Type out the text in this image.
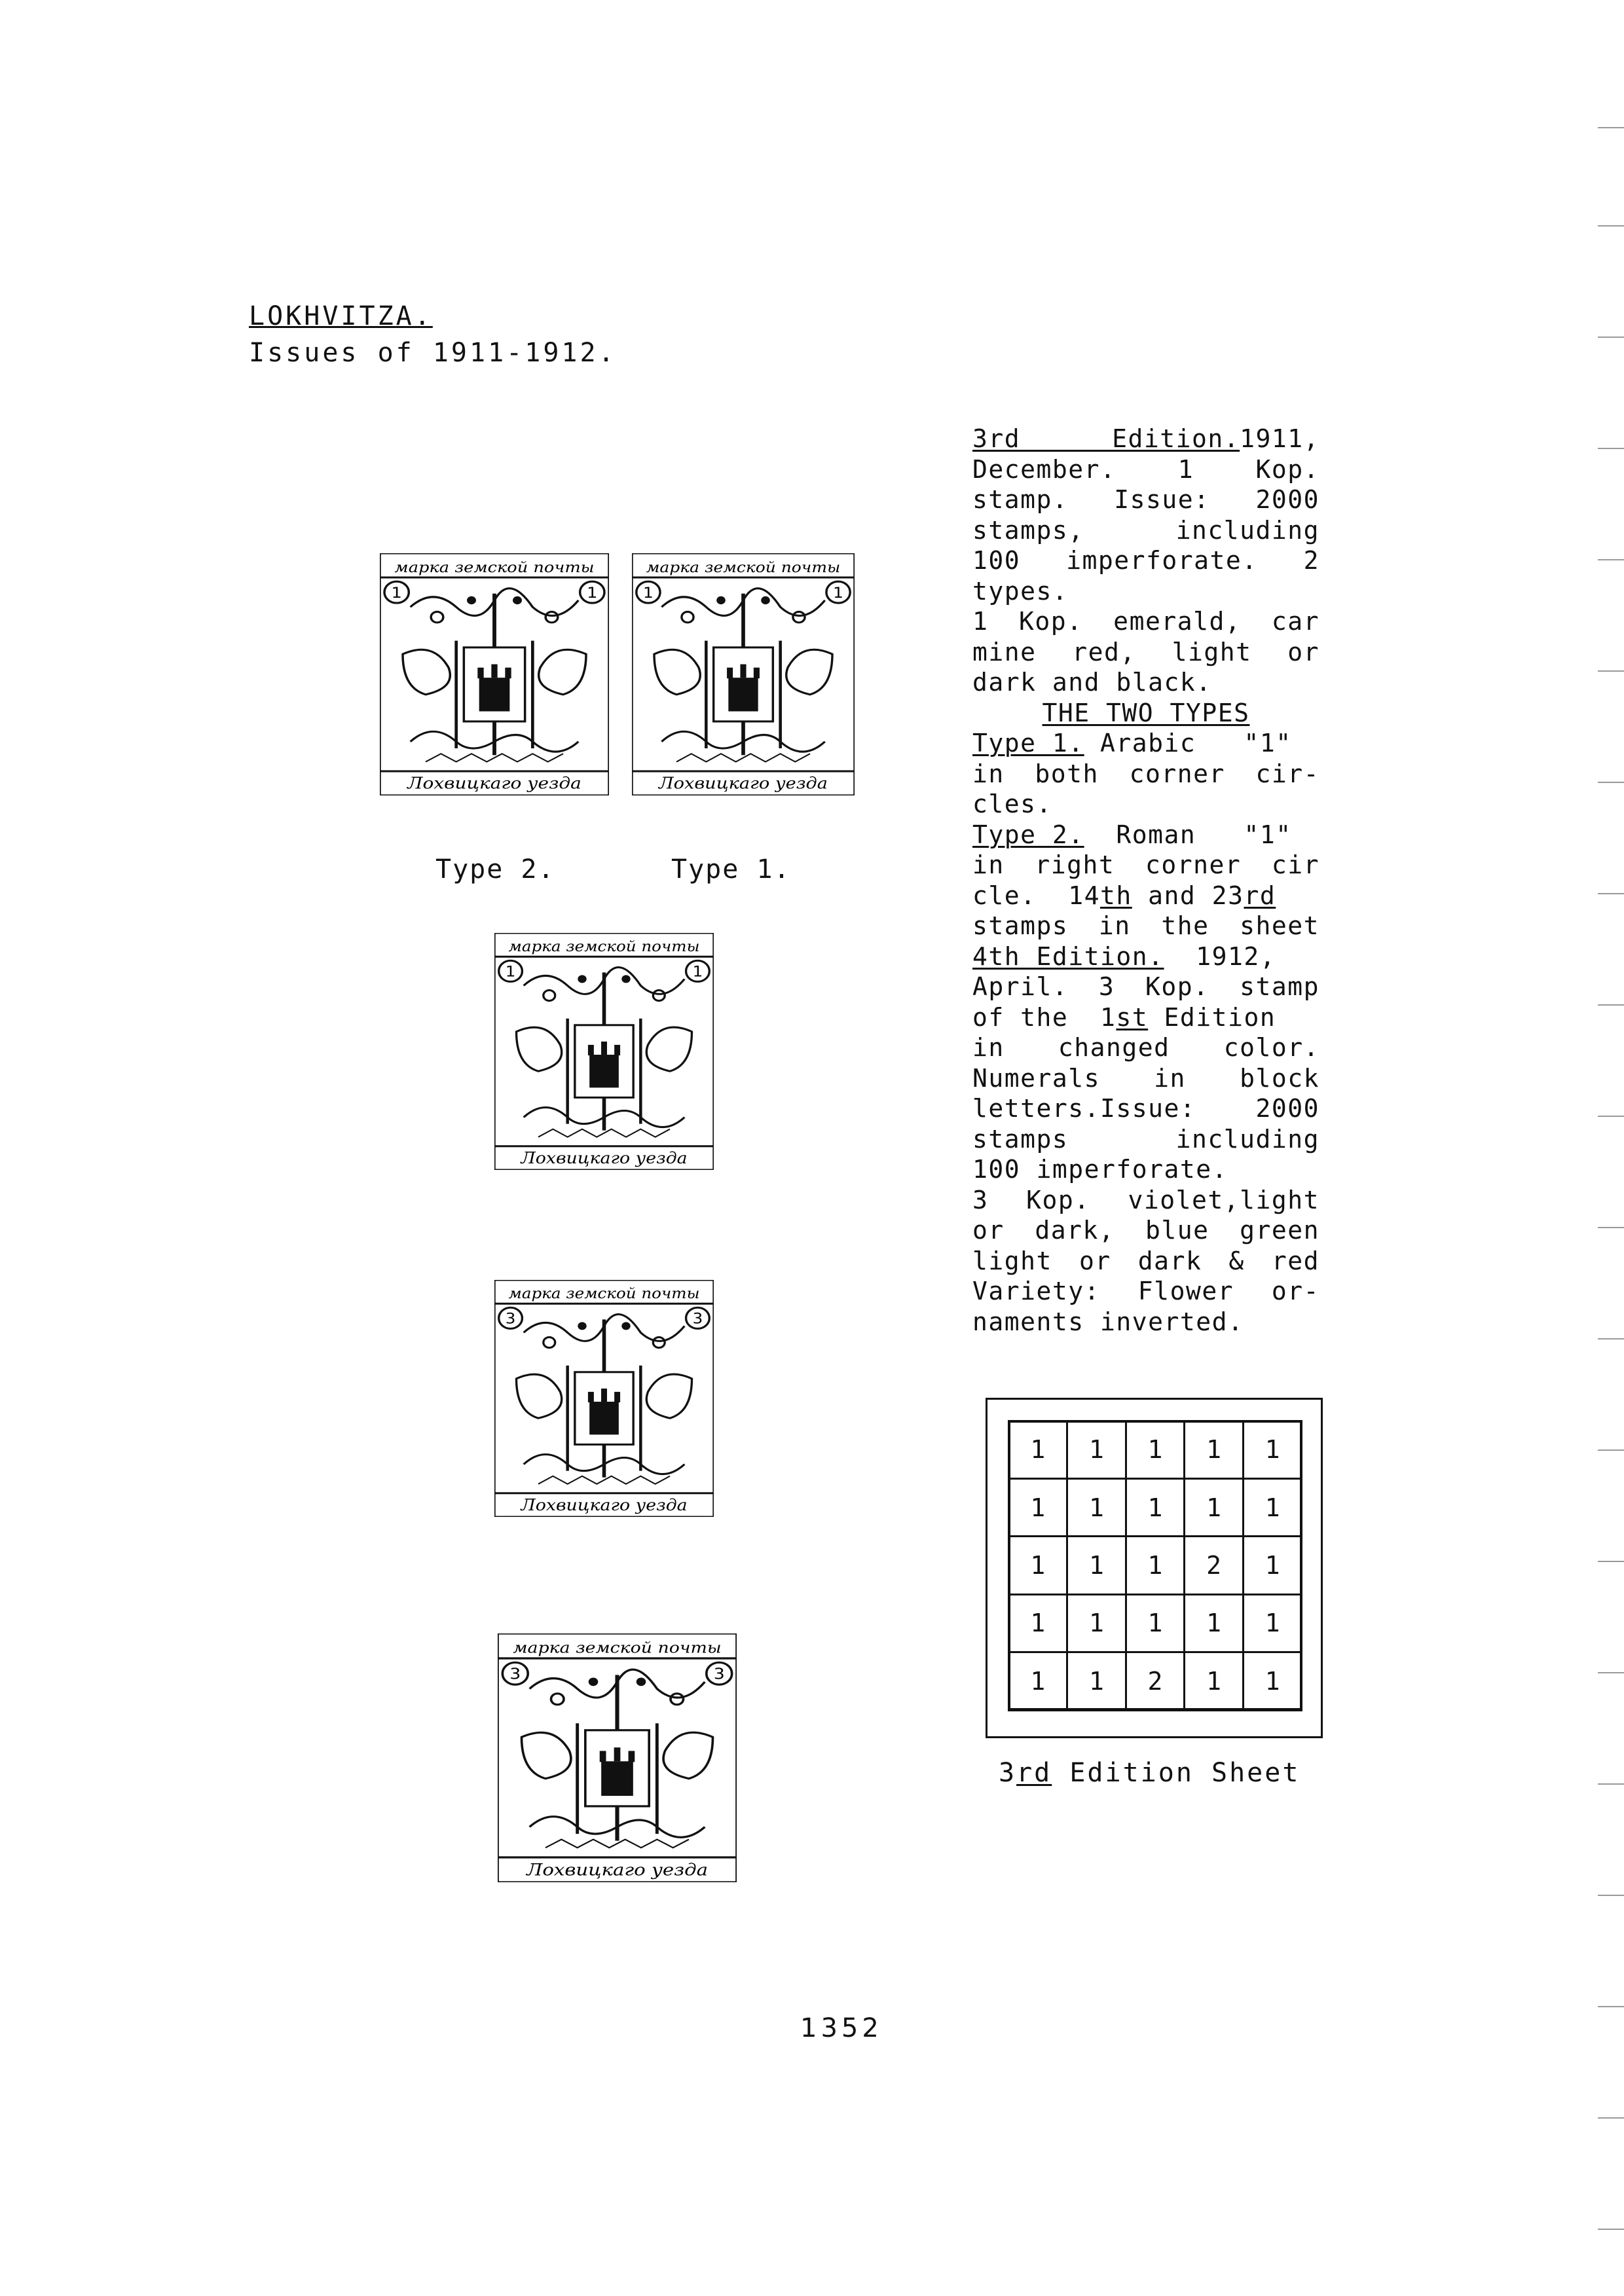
LOKHVITZA.
Issues of 1911-1912.
марка земской почты
Лохвицкаго уезда
1	1
марка земской почты
Лохвицкаго уезда
1	1
Type 2.	Type 1.
марка земской почты
Лохвицкаго уезда
1	1
марка земской почты
Лохвицкаго уезда
3	3
марка земской почты
Лохвицкаго уезда
3	3

3rd Edition.1911,

December. 1 Kop.

stamp. Issue: 2000

stamps, including

100 imperforate. 2

types.

1 Kop. emerald, car

mine red, light or

dark and black.

THE TWO TYPES

Type 1. Arabic   "1"

in both corner cir-

cles.

Type 2.  Roman   "1"

in right corner cir

cle.  14th and 23rd

stamps in the sheet

4th Edition.  1912,

April. 3 Kop. stamp

of the  1st Edition

in changed color.

Numerals in block

letters.Issue: 2000

stamps including

100 imperforate.

3 Kop. violet,light

or dark, blue green

light or dark & red

Variety: Flower or-

naments inverted.

1	1	1	1	1
1	1	1	1	1
1	1	1	2	1
1	1	1	1	1
1	1	2	1	1
3rd Edition Sheet
1352
